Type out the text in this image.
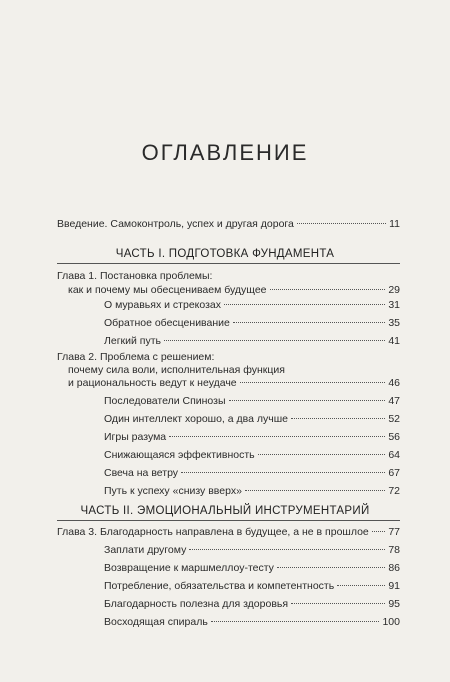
ОГЛАВЛЕНИЕ
Введение. Самоконтроль, успех и другая дорога	11
ЧАСТЬ I. ПОДГОТОВКА ФУНДАМЕНТА
Глава 1. Постановка проблемы:
как и почему мы обесцениваем будущее	29
О муравьях и стрекозах	31
Обратное обесценивание	35
Легкий путь	41
Глава 2. Проблема с решением:
почему сила воли, исполнительная функция
и рациональность ведут к неудаче	46
Последователи Спинозы	47
Один интеллект хорошо, а два лучше	52
Игры разума	56
Снижающаяся эффективность	64
Свеча на ветру	67
Путь к успеху «снизу вверх»	72
ЧАСТЬ II. ЭМОЦИОНАЛЬНЫЙ ИНСТРУМЕНТАРИЙ
Глава 3. Благодарность направлена в будущее, а не в прошлое 77
Заплати другому	78
Возвращение к маршмеллоу-тесту	86
Потребление, обязательства и компетентность	91
Благодарность полезна для здоровья	95
Восходящая спираль	100
